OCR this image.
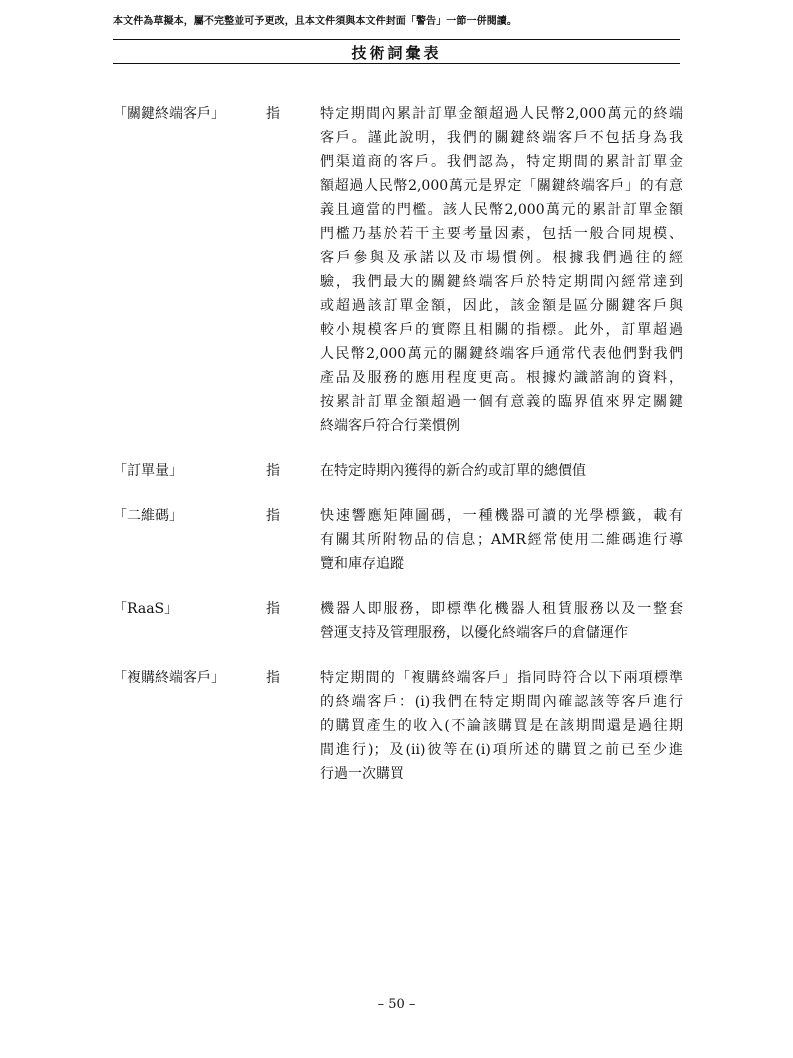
本文件為草擬本，屬不完整並可予更改，且本文件須與本文件封面「警告」一節一併閱讀。
技術詞彙表
「關鍵終端客戶」	指	特定期間內累計訂單金額超過人民幣2,000萬元的終端
客戶。謹此說明，我們的關鍵終端客戶不包括身為我
們渠道商的客戶。我們認為，特定期間的累計訂單金
額超過人民幣2,000萬元是界定「關鍵終端客戶」的有意
義且適當的門檻。該人民幣2,000萬元的累計訂單金額
門檻乃基於若干主要考量因素，包括一般合同規模、
客戶參與及承諾以及市場慣例。根據我們過往的經
驗，我們最大的關鍵終端客戶於特定期間內經常達到
或超過該訂單金額，因此，該金額是區分關鍵客戶與
較小規模客戶的實際且相關的指標。此外，訂單超過
人民幣2,000萬元的關鍵終端客戶通常代表他們對我們
產品及服務的應用程度更高。根據灼識諮詢的資料，
按累計訂單金額超過一個有意義的臨界值來界定關鍵
終端客戶符合行業慣例
「訂單量」	指	在特定時期內獲得的新合約或訂單的總價值
「二維碼」	指	快速響應矩陣圖碼，一種機器可讀的光學標籤，載有
有關其所附物品的信息；AMR經常使用二維碼進行導
覽和庫存追蹤
「RaaS」	指	機器人即服務，即標準化機器人租賃服務以及一整套
營運支持及管理服務，以優化終端客戶的倉儲運作
「複購終端客戶」	指	特定期間的「複購終端客戶」指同時符合以下兩項標準
的終端客戶：(i)我們在特定期間內確認該等客戶進行
的購買產生的收入(不論該購買是在該期間還是過往期
間進行)；及(ii)彼等在(i)項所述的購買之前已至少進
行過一次購買
– 50 –
